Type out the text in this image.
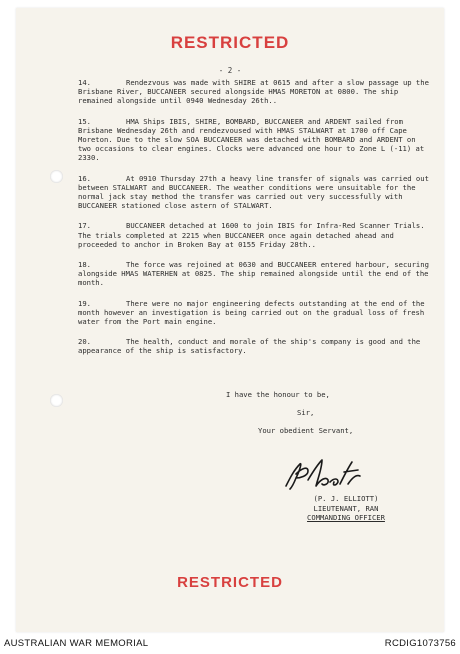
RESTRICTED
- 2 -

14.	Rendezvous was made with SHIRE at 0615 and after a slow passage up the Brisbane River, BUCCANEER secured alongside HMAS MORETON at 0800. The ship remained alongside until 0940 Wednesday 26th..

15.	HMA Ships IBIS, SHIRE, BOMBARD, BUCCANEER and ARDENT sailed from Brisbane Wednesday 26th and rendezvoused with HMAS STALWART at 1700 off Cape Moreton. Due to the slow SOA BUCCANEER was detached with BOMBARD and ARDENT on two occasions to clear engines. Clocks were advanced one hour to Zone L (-11) at 2330.

16.	At 0910 Thursday 27th a heavy line transfer of signals was carried out between STALWART and BUCCANEER. The weather conditions were unsuitable for the normal jack stay method the transfer was carried out very successfully with BUCCANEER stationed close astern of STALWART.

17.	BUCCANEER detached at 1600 to join IBIS for Infra-Red Scanner Trials. The trials completed at 2215 when BUCCANEER once again detached ahead and proceeded to anchor in Broken Bay at 0155 Friday 28th..

18.	The force was rejoined at 0630 and BUCCANEER entered harbour, securing alongside HMAS WATERHEN at 0825. The ship remained alongside until the end of the month.

19.	There were no major engineering defects outstanding at the end of the month however an investigation is being carried out on the gradual loss of fresh water from the Port main engine.

20.	The health, conduct and morale of the ship's company is good and the appearance of the ship is satisfactory.

I have the honour to be,
Sir,
Your obedient Servant,
(P. J. ELLIOTT)
LIEUTENANT, RAN
COMMANDING OFFICER
RESTRICTED
AUSTRALIAN WAR MEMORIAL	RCDIG1073756
